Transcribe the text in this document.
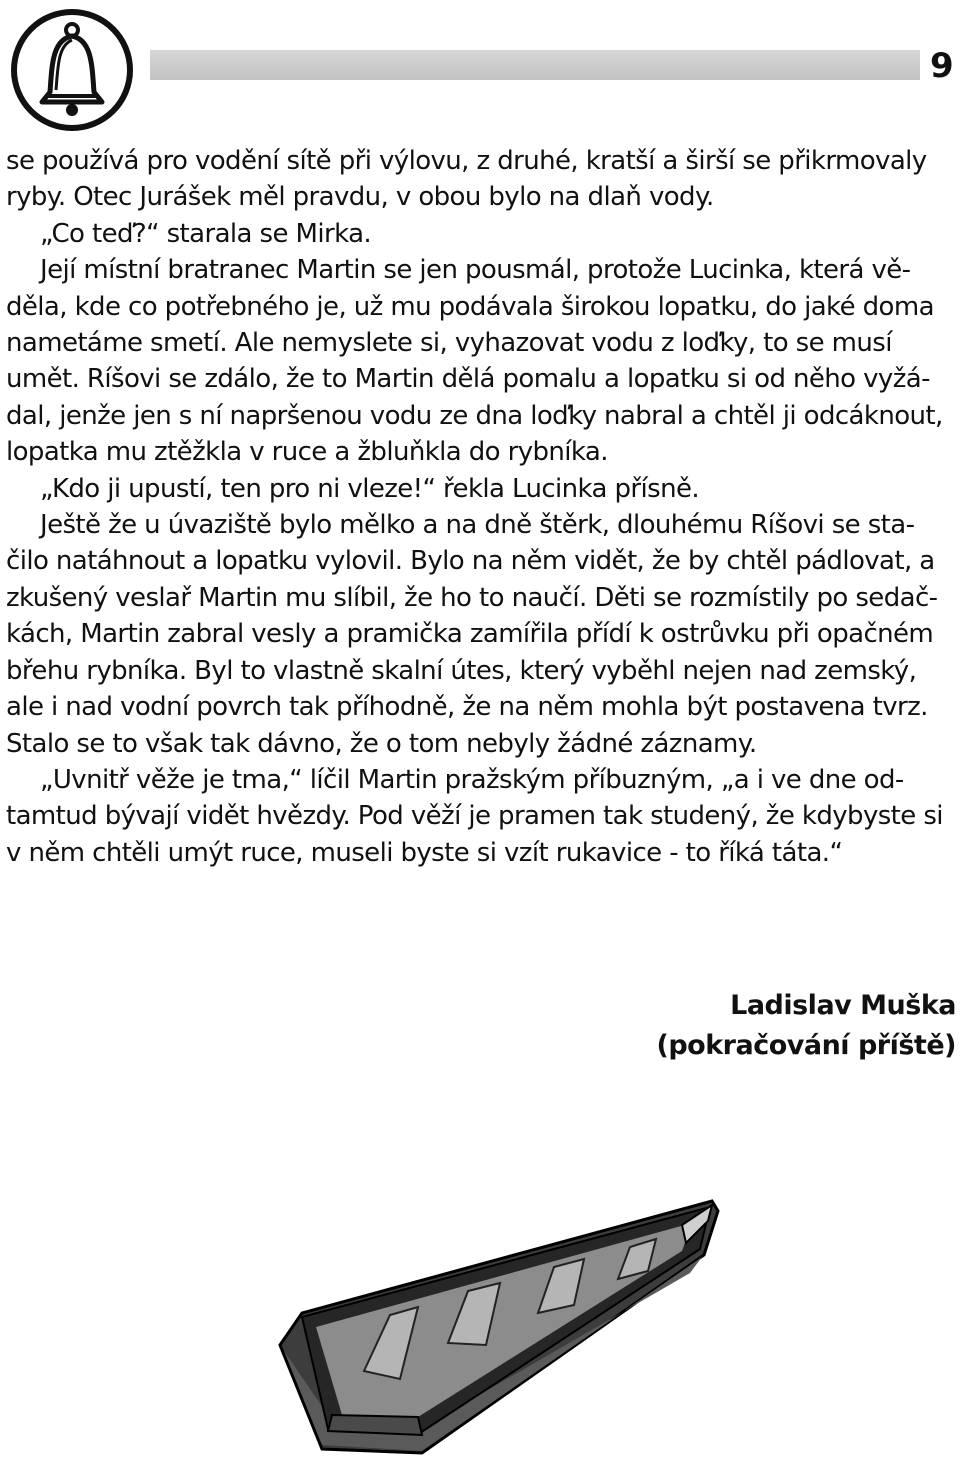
9
se používá pro vodění sítě při výlovu, z druhé, kratší a širší se přikrmovaly
ryby. Otec Jurášek měl pravdu, v obou bylo na dlaň vody.
„Co teď?“ starala se Mirka.
Její místní bratranec Martin se jen pousmál, protože Lucinka, která vě-
děla, kde co potřebného je, už mu podávala širokou lopatku, do jaké doma
nametáme smetí. Ale nemyslete si, vyhazovat vodu z loďky, to se musí
umět. Ríšovi se zdálo, že to Martin dělá pomalu a lopatku si od něho vyžá-
dal, jenže jen s ní napršenou vodu ze dna loďky nabral a chtěl ji odcáknout,
lopatka mu ztěžkla v ruce a žbluňkla do rybníka.
„Kdo ji upustí, ten pro ni vleze!“ řekla Lucinka přísně.
Ještě že u úvaziště bylo mělko a na dně štěrk, dlouhému Ríšovi se sta-
čilo natáhnout a lopatku vylovil. Bylo na něm vidět, že by chtěl pádlovat, a
zkušený veslař Martin mu slíbil, že ho to naučí. Děti se rozmístily po sedač-
kách, Martin zabral vesly a pramička zamířila přídí k ostrůvku při opačném
břehu rybníka. Byl to vlastně skalní útes, který vyběhl nejen nad zemský,
ale i nad vodní povrch tak příhodně, že na něm mohla být postavena tvrz.
Stalo se to však tak dávno, že o tom nebyly žádné záznamy.
„Uvnitř věže je tma,“ líčil Martin pražským příbuzným, „a i ve dne od-
tamtud bývají vidět hvězdy. Pod věží je pramen tak studený, že kdybyste si
v něm chtěli umýt ruce, museli byste si vzít rukavice - to říká táta.“
Ladislav Muška
(pokračování příště)
